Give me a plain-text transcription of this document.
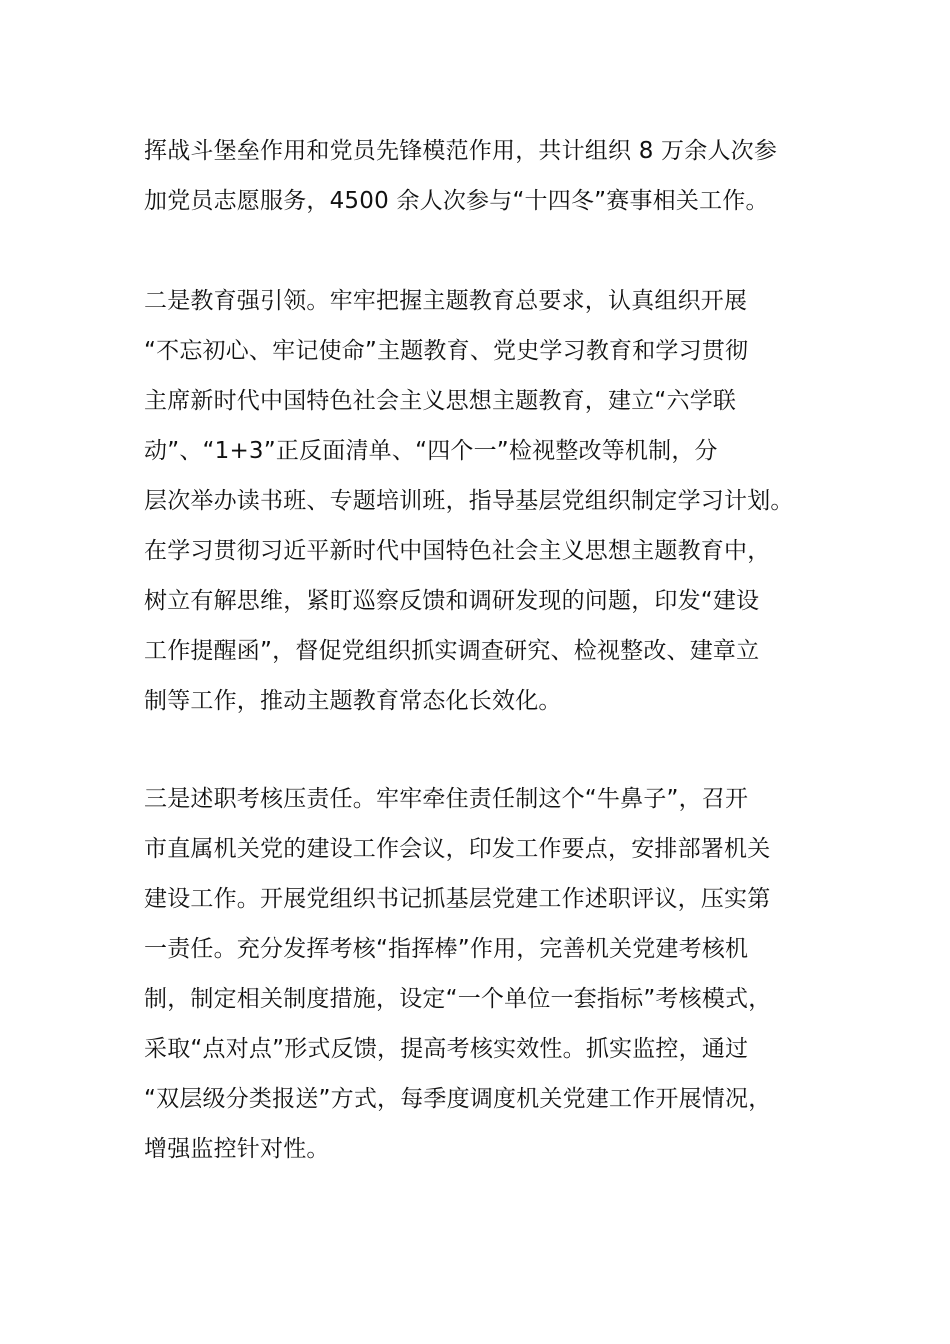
挥战斗堡垒作用和党员先锋模范作用，共计组织 8 万余人次参
加党员志愿服务，4500 余人次参与“十四冬”赛事相关工作。
二是教育强引领。牢牢把握主题教育总要求，认真组织开展
“不忘初心、牢记使命”主题教育、党史学习教育和学习贯彻
主席新时代中国特色社会主义思想主题教育，建立“六学联
动”、“1+3”正反面清单、“四个一”检视整改等机制，分
层次举办读书班、专题培训班，指导基层党组织制定学习计划。
在学习贯彻习近平新时代中国特色社会主义思想主题教育中，
树立有解思维，紧盯巡察反馈和调研发现的问题，印发“建设
工作提醒函”，督促党组织抓实调查研究、检视整改、建章立
制等工作，推动主题教育常态化长效化。
三是述职考核压责任。牢牢牵住责任制这个“牛鼻子”，召开
市直属机关党的建设工作会议，印发工作要点，安排部署机关
建设工作。开展党组织书记抓基层党建工作述职评议，压实第
一责任。充分发挥考核“指挥棒”作用，完善机关党建考核机
制，制定相关制度措施，设定“一个单位一套指标”考核模式，
采取“点对点”形式反馈，提高考核实效性。抓实监控，通过
“双层级分类报送”方式，每季度调度机关党建工作开展情况，
增强监控针对性。
